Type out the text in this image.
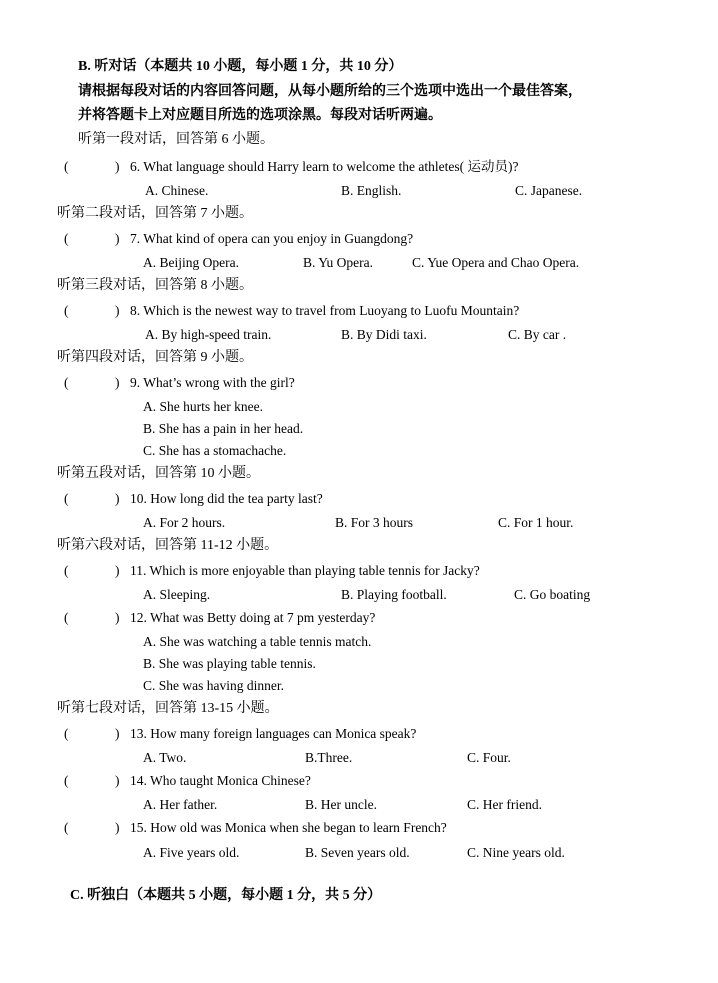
B. 听对话（本题共 10 小题，每小题 1 分，共 10 分）
请根据每段对话的内容回答问题，从每小题所给的三个选项中选出一个最佳答案，
并将答题卡上对应题目所选的选项涂黑。每段对话听两遍。
听第一段对话，回答第 6 小题。
(	) 6. What language should Harry learn to welcome the athletes( 运动员)?
A. Chinese.	B. English.	C. Japanese.
听第二段对话，回答第 7 小题。
(	) 7. What kind of opera can you enjoy in Guangdong?
A. Beijing Opera.	B. Yu Opera.	C. Yue Opera and Chao Opera.
听第三段对话，回答第 8 小题。
(	) 8. Which is the newest way to travel from Luoyang to Luofu Mountain?
A. By high-speed train.	B. By Didi taxi.	C. By car .
听第四段对话，回答第 9 小题。
(	) 9. What’s wrong with the girl?
A. She hurts her knee.
B. She has a pain in her head.
C. She has a stomachache.
听第五段对话，回答第 10 小题。
(	) 10. How long did the tea party last?
A. For 2 hours.	B. For 3 hours	C. For 1 hour.
听第六段对话，回答第 11-12 小题。
(	) 11. Which is more enjoyable than playing table tennis for Jacky?
A. Sleeping.	B. Playing football.	C. Go boating
(	) 12. What was Betty doing at 7 pm yesterday?
A. She was watching a table tennis match.
B. She was playing table tennis.
C. She was having dinner.
听第七段对话，回答第 13-15 小题。
(	) 13. How many foreign languages can Monica speak?
A. Two.	B.Three.	C. Four.
(	) 14. Who taught Monica Chinese?
A. Her father.	B. Her uncle.	C. Her friend.
(	) 15. How old was Monica when she began to learn French?
A. Five years old.	B. Seven years old.	C. Nine years old.
C. 听独白（本题共 5 小题，每小题 1 分，共 5 分）
